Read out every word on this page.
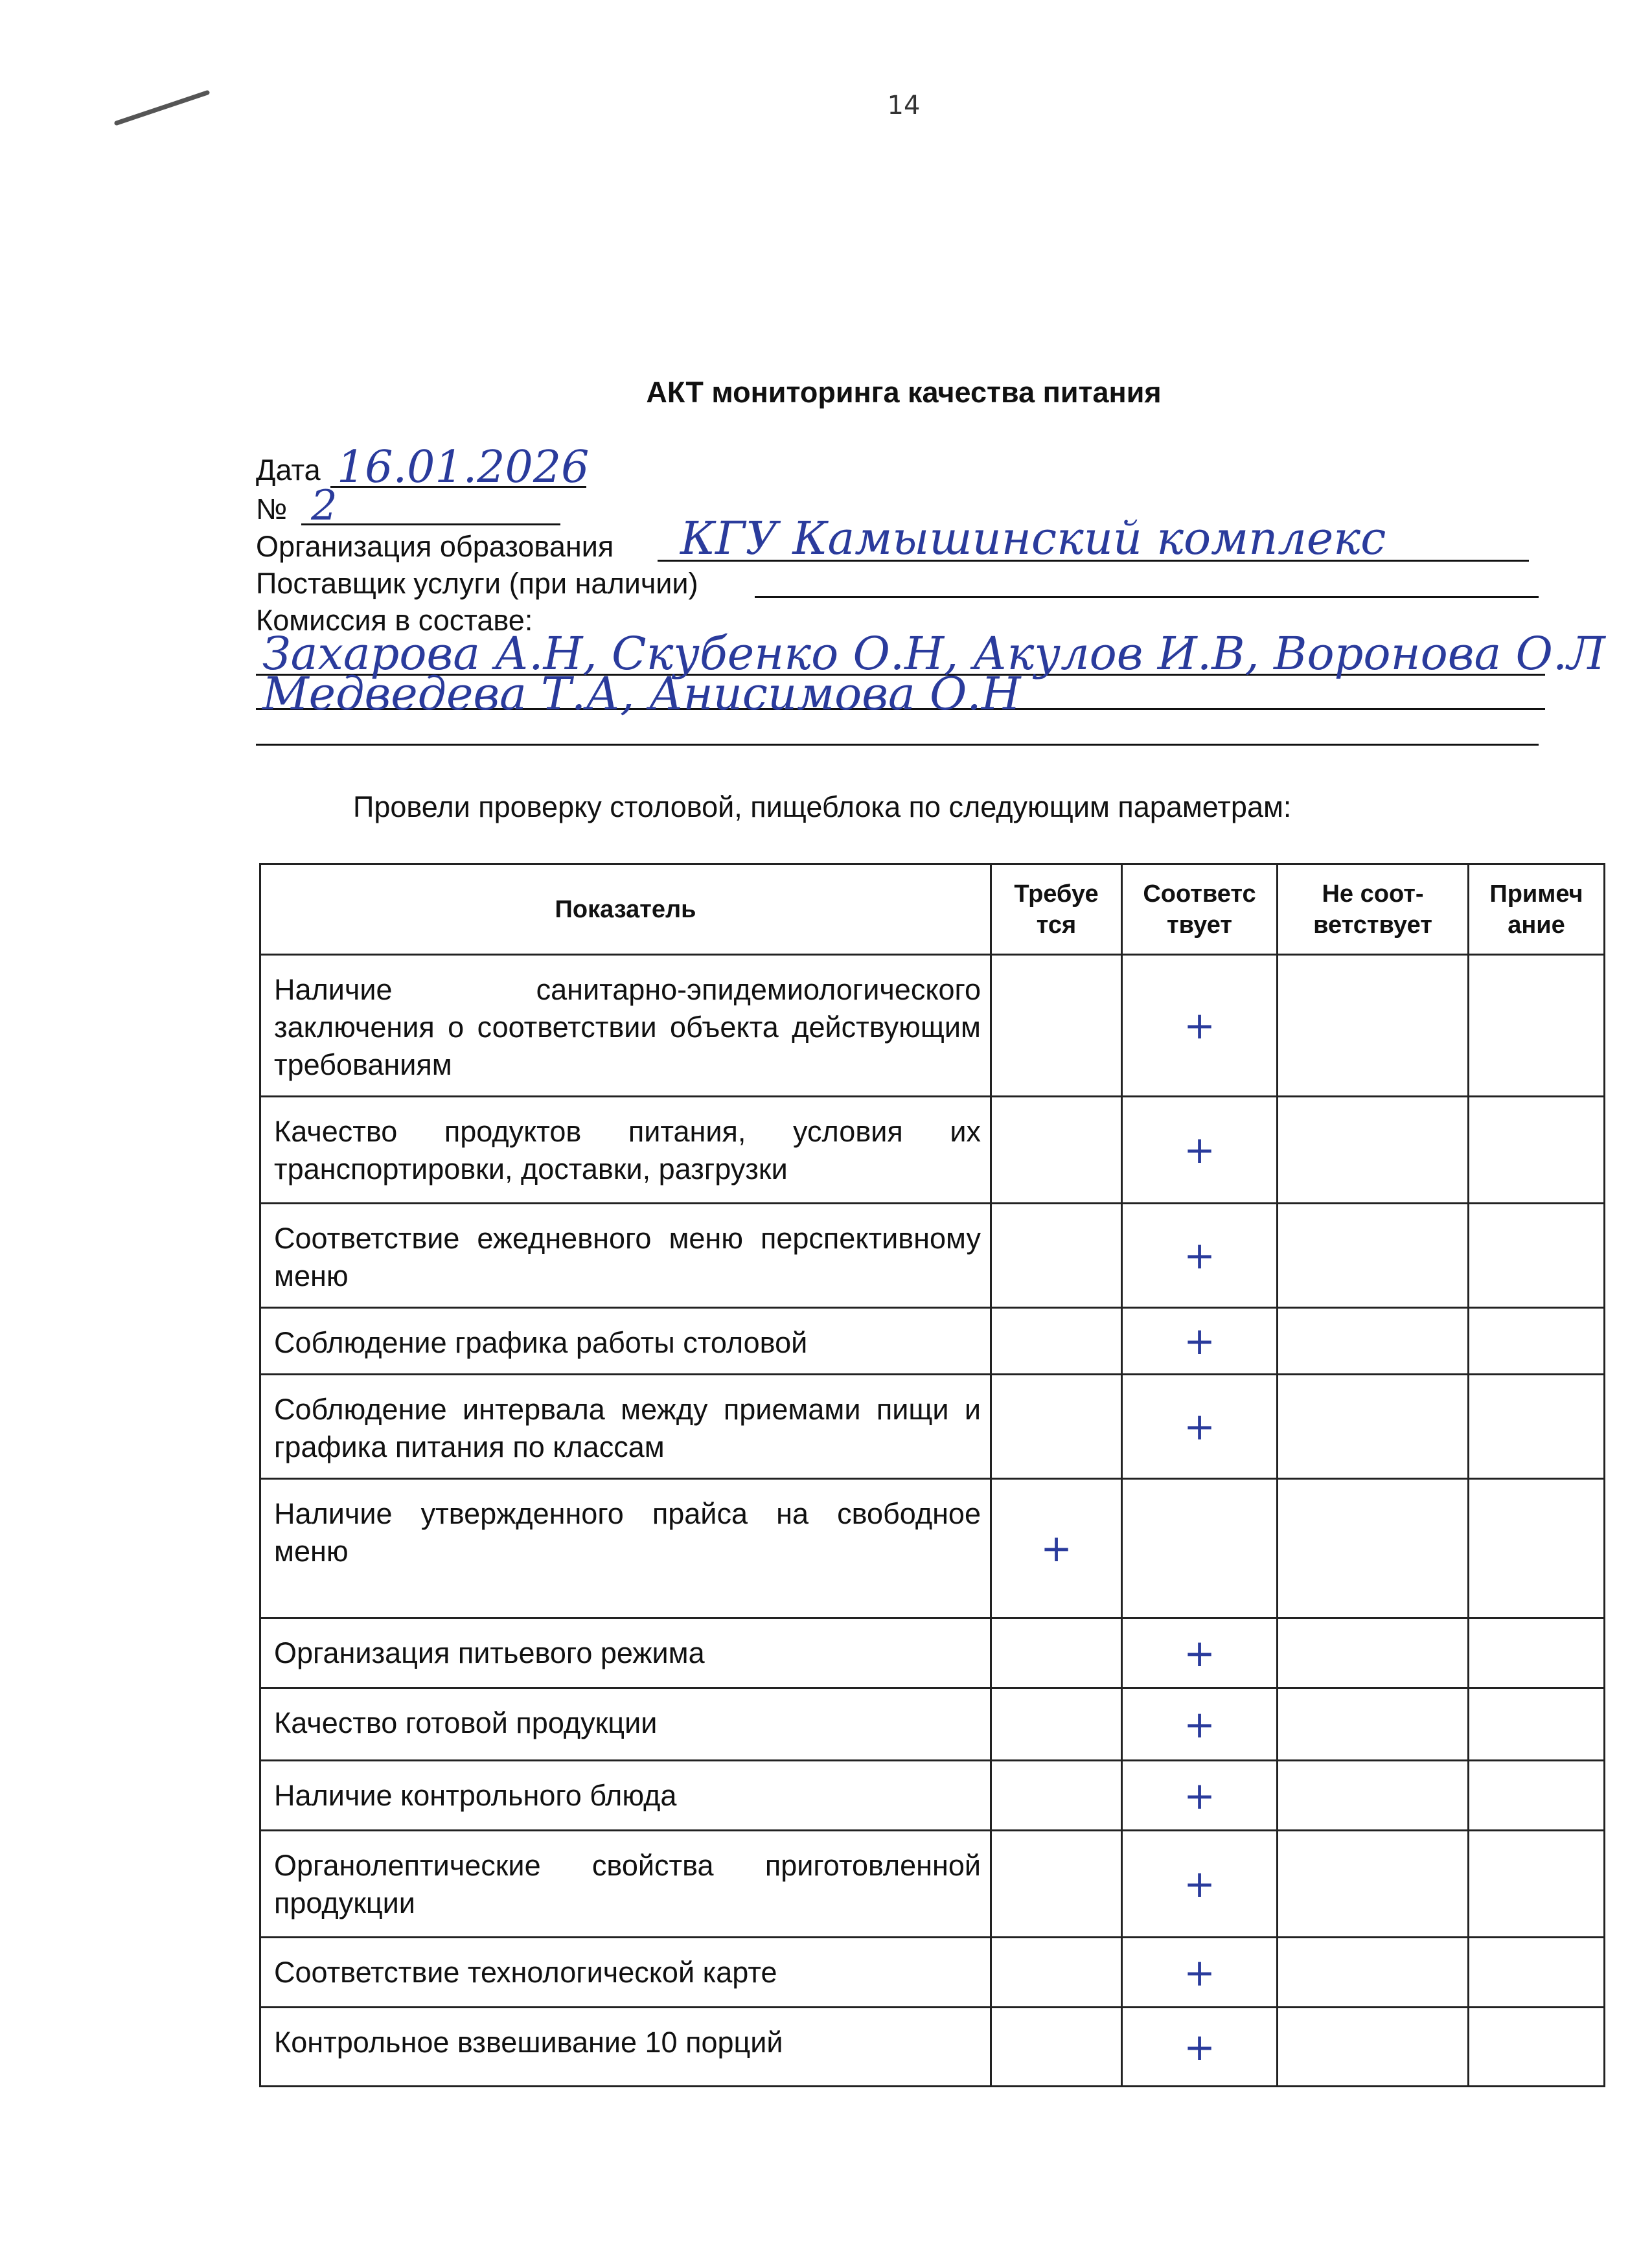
14
АКТ мониторинга качества питания
Дата 16.01.2026
№ 2
Организация образования КГУ Камышинский комплекс
Поставщик услуги (при наличии)
Комиссия в составе:
Захарова А.Н, Скубенко О.Н, Акулов И.В, Воронова О.Л
Медведева Т.А, Анисимова О.Н
Провели проверку столовой, пищеблока по следующим параметрам:
Показатель	Требуе тся	Соответс твует	Не соот- ветствует	Примеч ание
Наличие санитарно-эпидемиологического заключения о соответствии объекта действующим требованиям		+		
Качество продуктов питания, условия их транспортировки, доставки, разгрузки		+		
Соответствие ежедневного меню перспективному меню		+		
Соблюдение графика работы столовой		+		
Соблюдение интервала между приемами пищи и графика питания по классам		+		
Наличие утвержденного прайса на свободное меню	+			
Организация питьевого режима		+		
Качество готовой продукции		+		
Наличие контрольного блюда		+		
Органолептические свойства приготовленной продукции		+		
Соответствие технологической карте		+		
Контрольное взвешивание 10 порций		+		
